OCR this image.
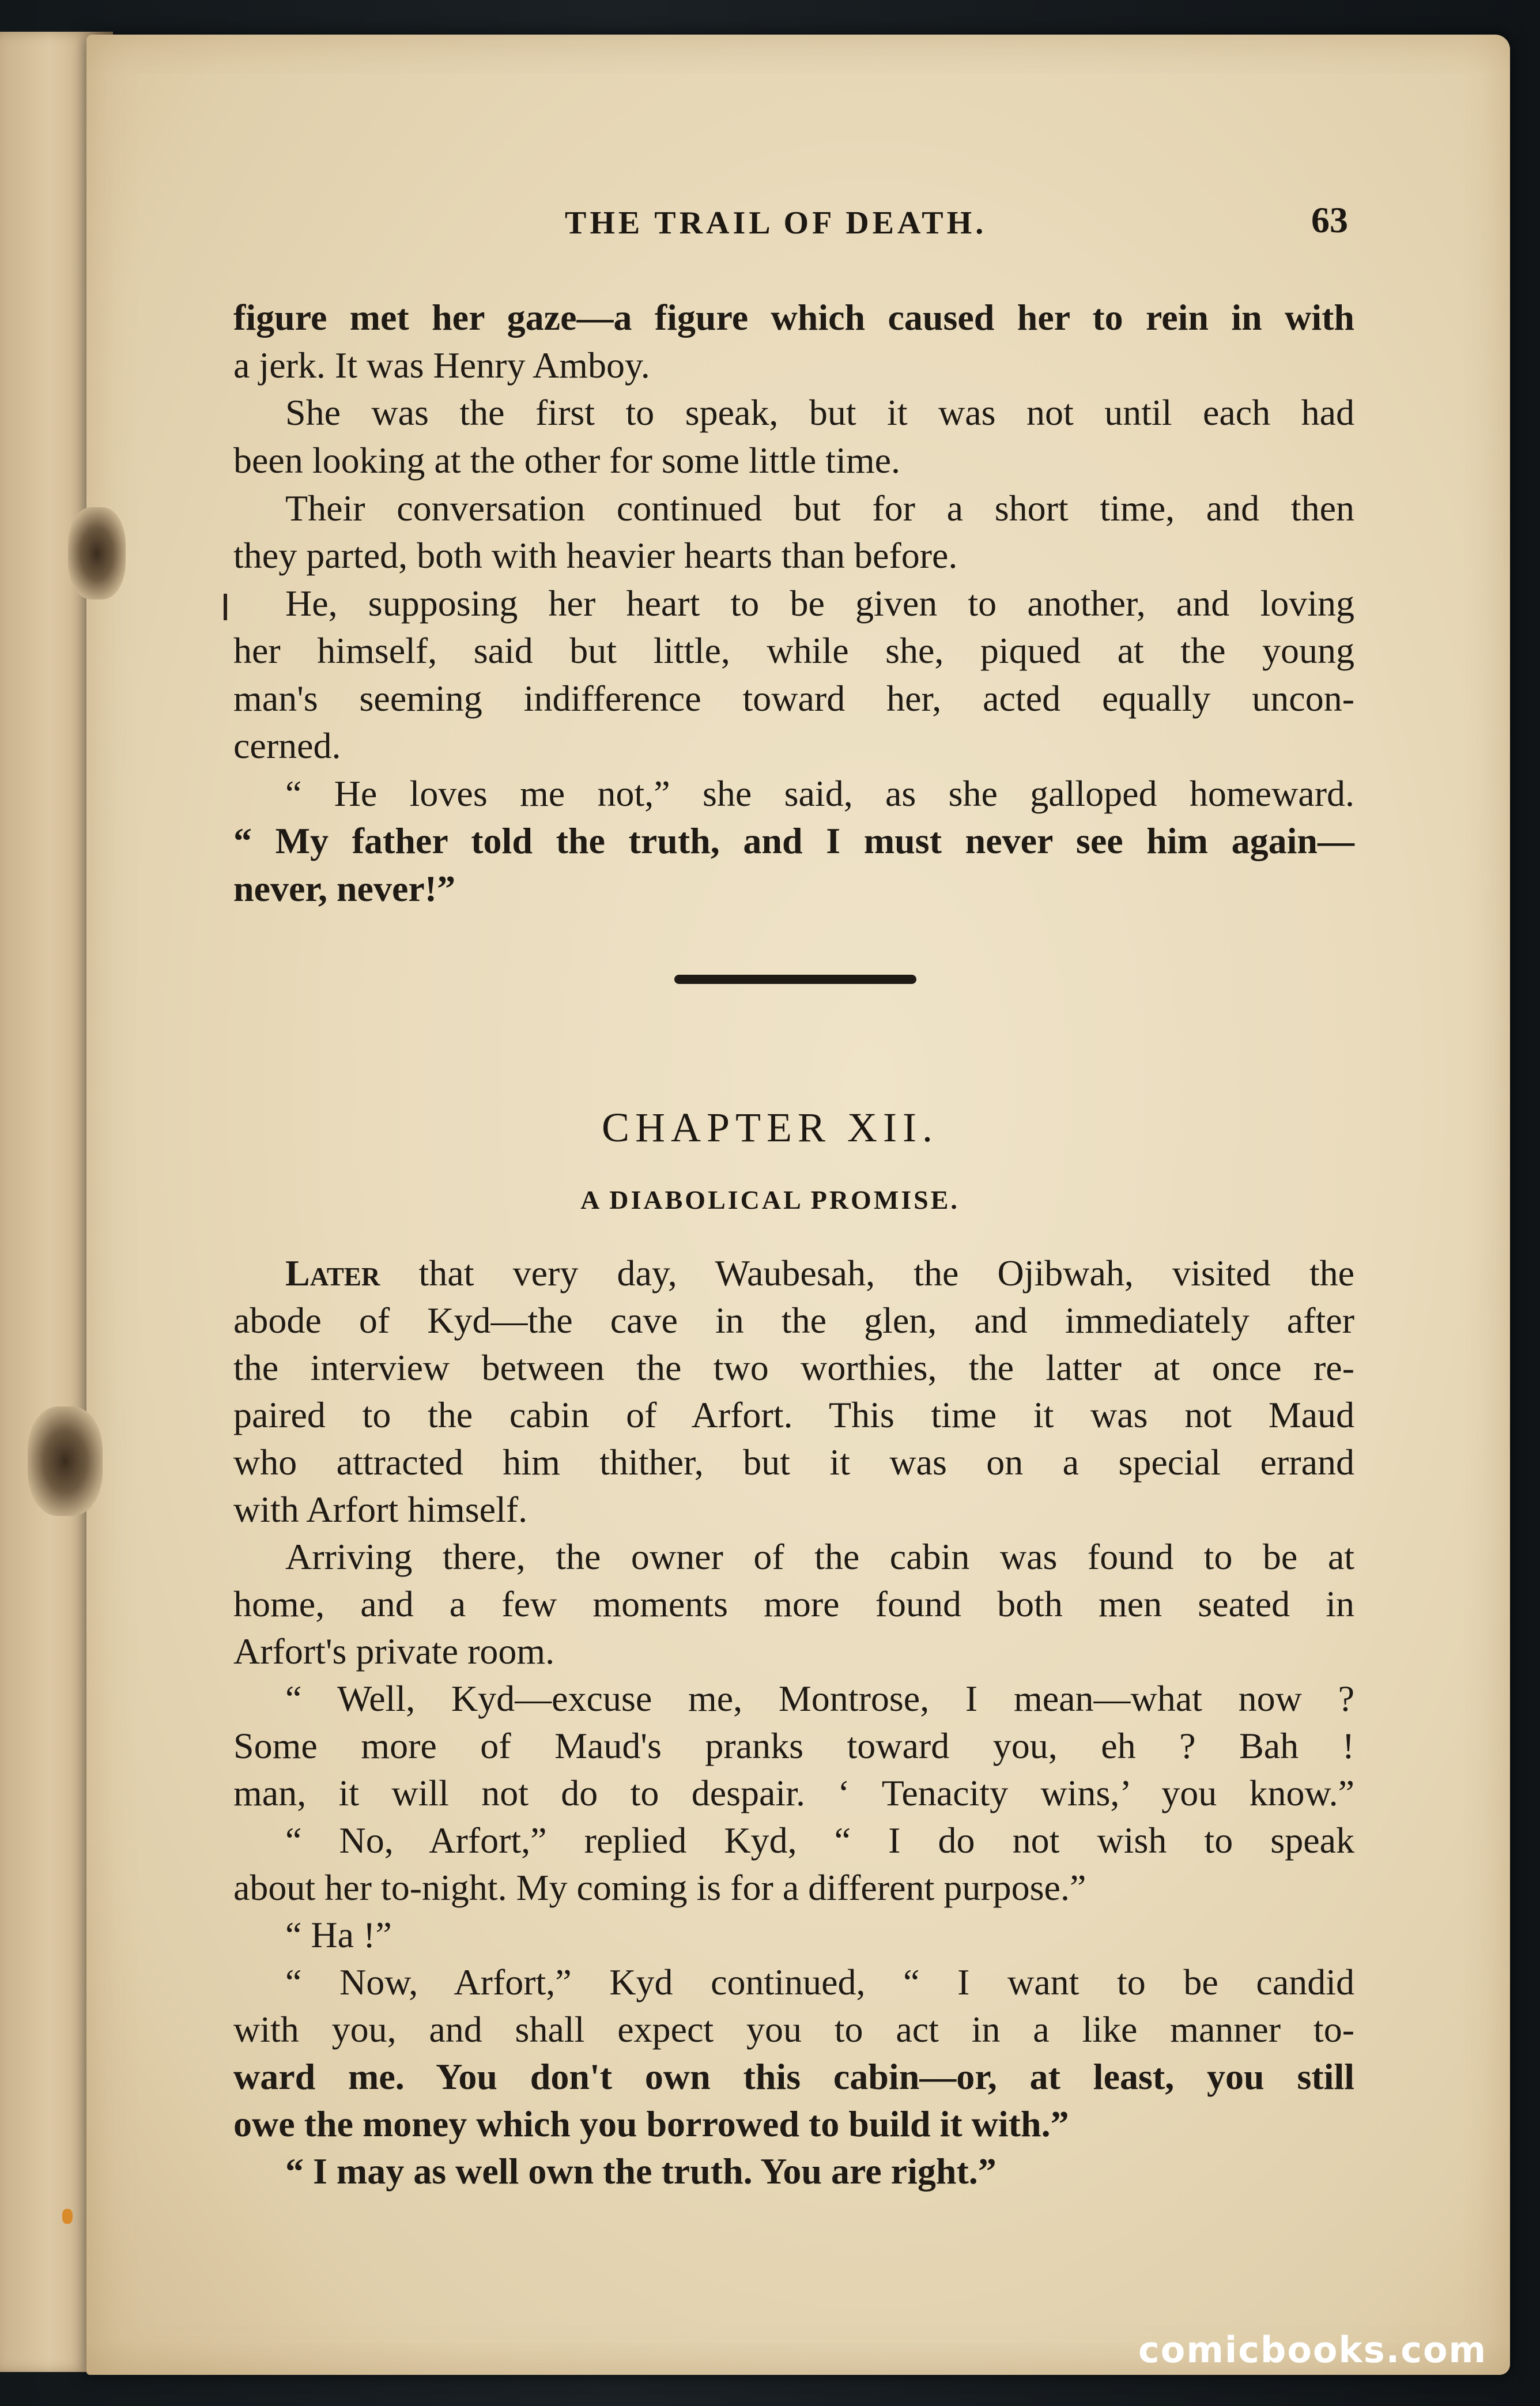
THE TRAIL OF DEATH.	63
figure met her gaze—a figure which caused her to rein in with
a jerk. It was Henry Amboy.
She was the first to speak, but it was not until each had
been looking at the other for some little time.
Their conversation continued but for a short time, and then
they parted, both with heavier hearts than before.
He, supposing her heart to be given to another, and loving
her himself, said but little, while she, piqued at the young
man's seeming indifference toward her, acted equally uncon-
cerned.
“ He loves me not,” she said, as she galloped homeward.
“ My father told the truth, and I must never see him again—
never, never!”
CHAPTER XII.
A DIABOLICAL PROMISE.
Later that very day, Waubesah, the Ojibwah, visited the
abode of Kyd—the cave in the glen, and immediately after
the interview between the two worthies, the latter at once re-
paired to the cabin of Arfort. This time it was not Maud
who attracted him thither, but it was on a special errand
with Arfort himself.
Arriving there, the owner of the cabin was found to be at
home, and a few moments more found both men seated in
Arfort's private room.
“ Well, Kyd—excuse me, Montrose, I mean—what now ?
Some more of Maud's pranks toward you, eh ? Bah !
man, it will not do to despair. ‘ Tenacity wins,’ you know.”
“ No, Arfort,” replied Kyd, “ I do not wish to speak
about her to-night. My coming is for a different purpose.”
“ Ha !”
“ Now, Arfort,” Kyd continued, “ I want to be candid
with you, and shall expect you to act in a like manner to-
ward me. You don't own this cabin—or, at least, you still
owe the money which you borrowed to build it with.”
“ I may as well own the truth. You are right.”
comicbooks.com
